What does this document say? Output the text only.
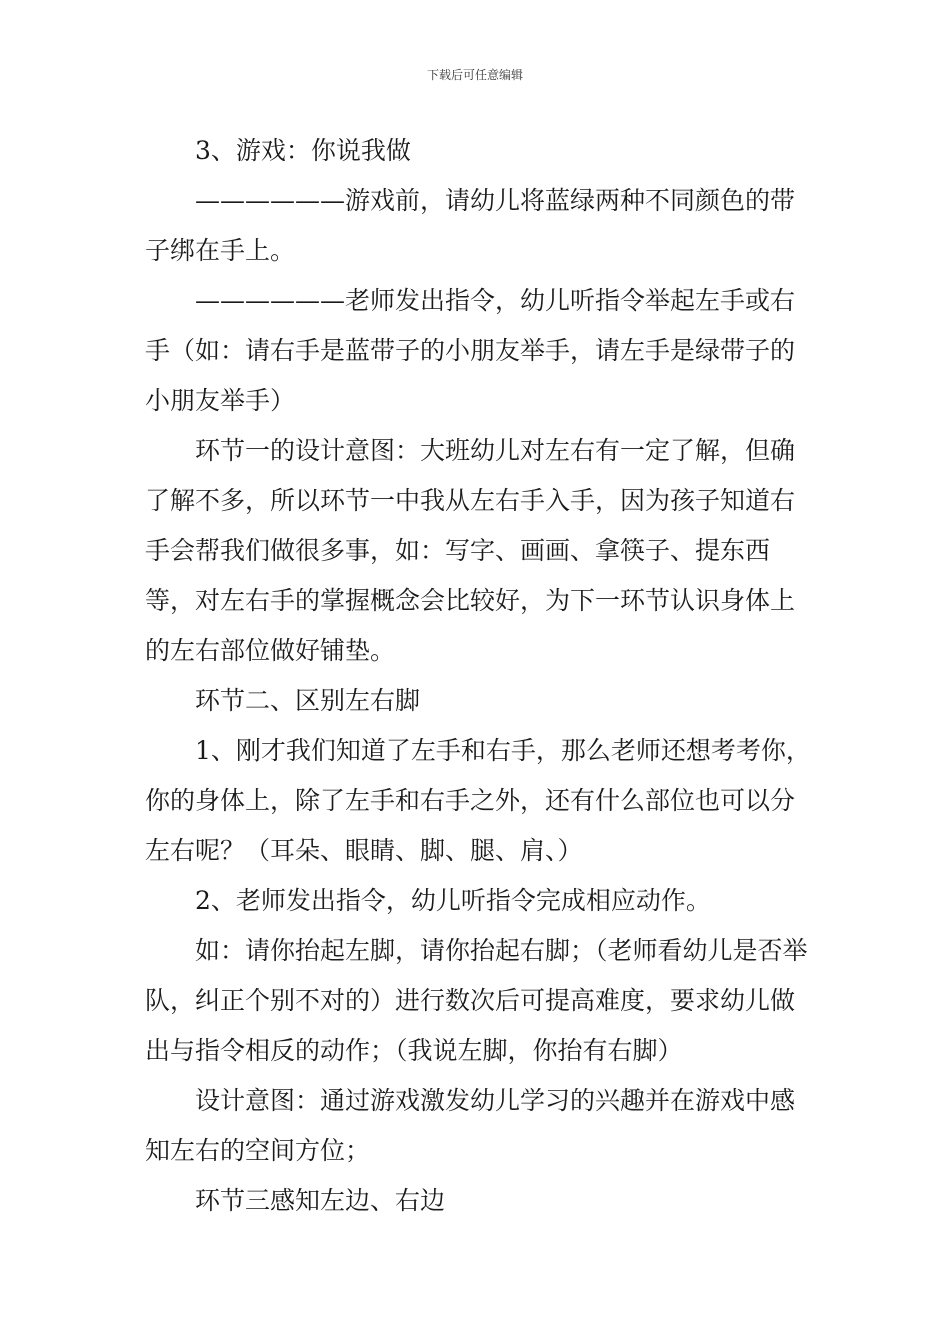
下载后可任意编辑

3、游戏：你说我做

——————游戏前，请幼儿将蓝绿两种不同颜色的带子绑在手上。

——————老师发出指令，幼儿听指令举起左手或右手（如：请右手是蓝带子的小朋友举手，请左手是绿带子的小朋友举手）

环节一的设计意图：大班幼儿对左右有一定了解，但确了解不多，所以环节一中我从左右手入手，因为孩子知道右手会帮我们做很多事，如：写字、画画、拿筷子、提东西等，对左右手的掌握概念会比较好，为下一环节认识身体上的左右部位做好铺垫。

环节二、区别左右脚

1、刚才我们知道了左手和右手，那么老师还想考考你，你的身体上，除了左手和右手之外，还有什么部位也可以分左右呢？（耳朵、眼睛、脚、腿、肩、）

2、老师发出指令，幼儿听指令完成相应动作。

如：请你抬起左脚，请你抬起右脚；（老师看幼儿是否举队，纠正个别不对的）进行数次后可提高难度，要求幼儿做出与指令相反的动作；（我说左脚，你抬有右脚）

设计意图：通过游戏激发幼儿学习的兴趣并在游戏中感知左右的空间方位；

环节三感知左边、右边
